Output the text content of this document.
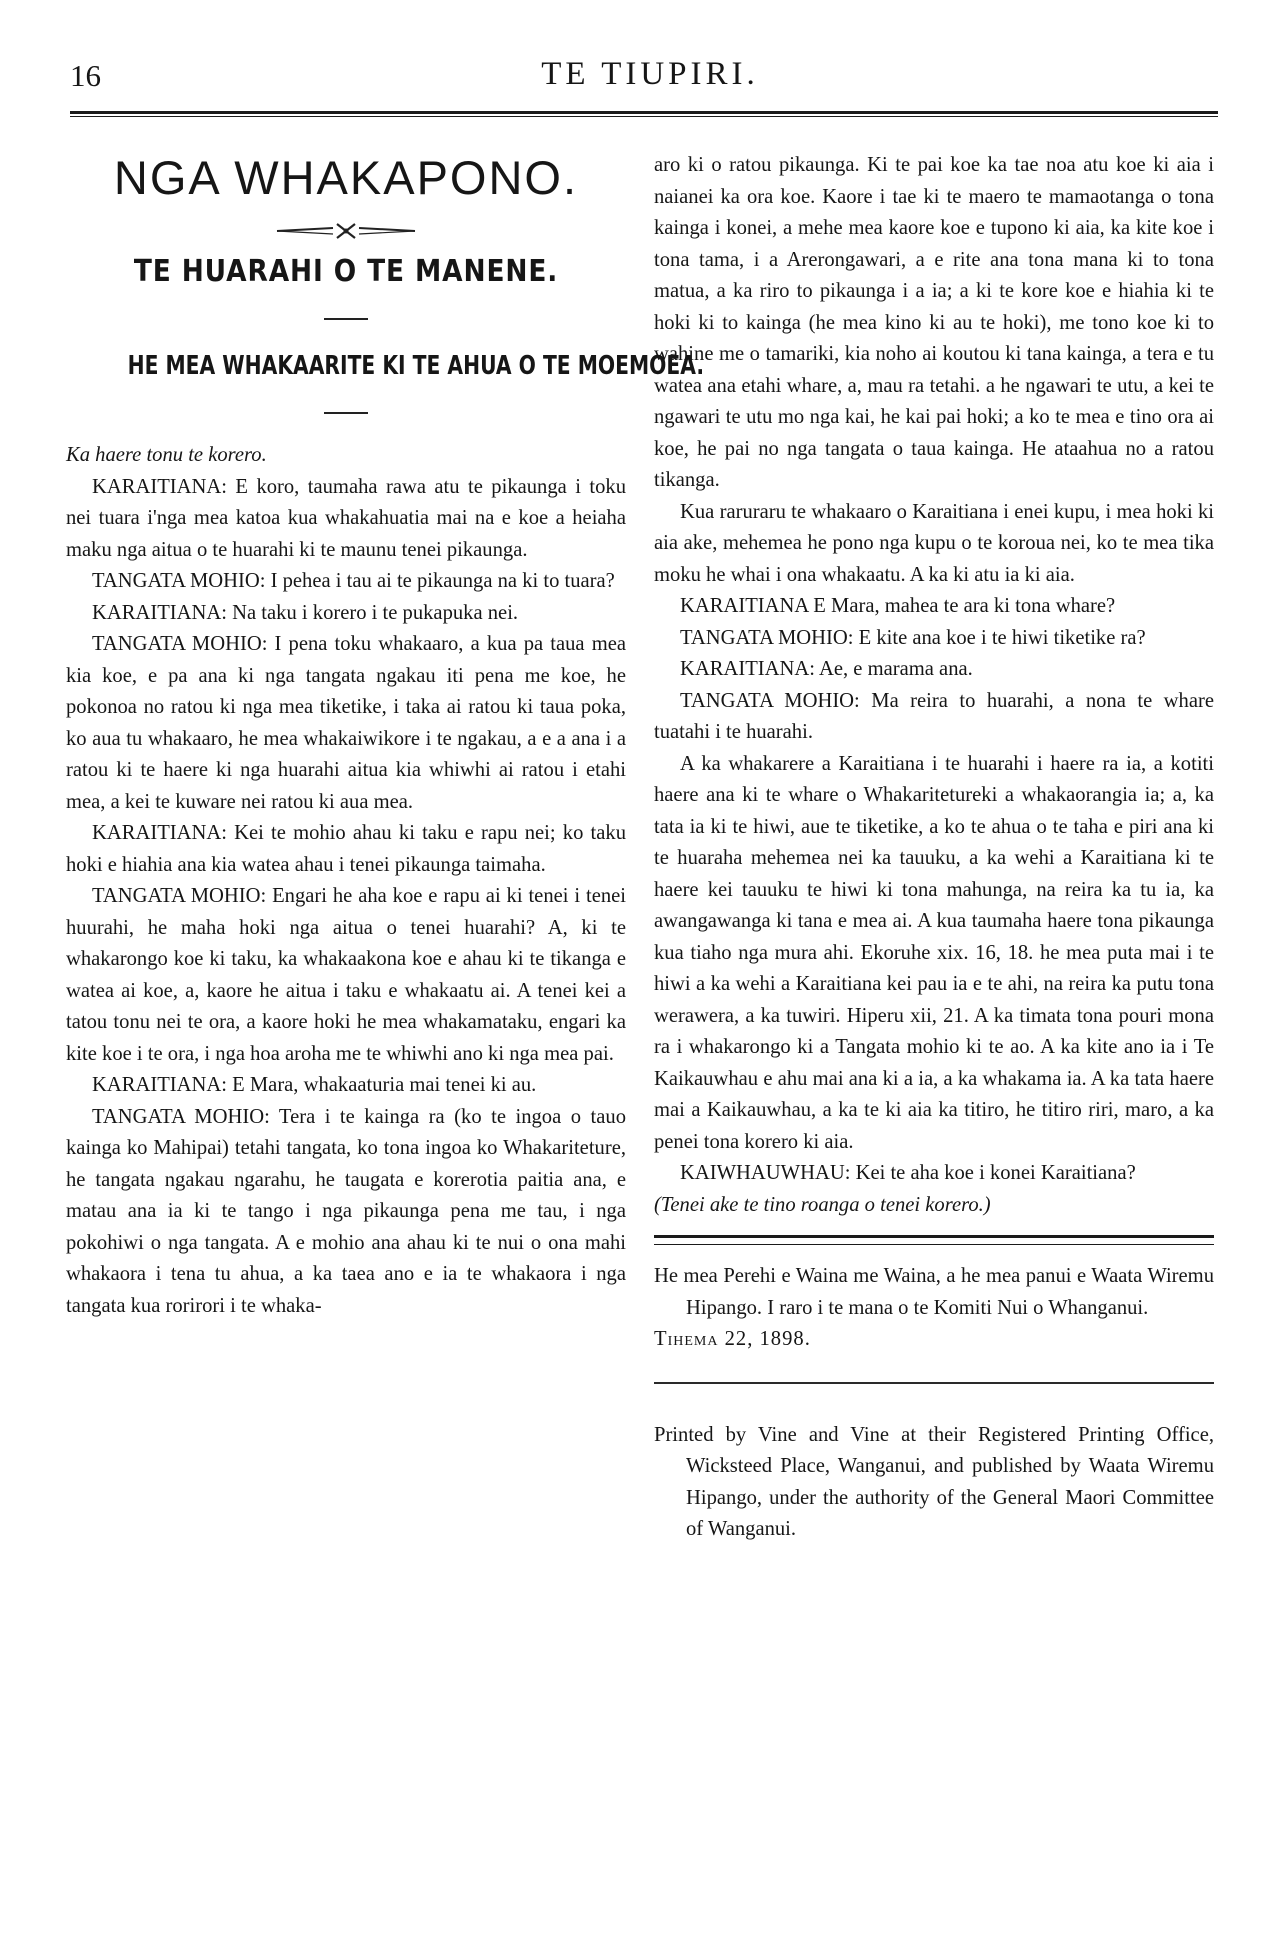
16	TE TIUPIRI.
NGA WHAKAPONO.
TE HUARAHI O TE MANENE.
HE MEA WHAKAARITE KI TE AHUA O TE MOEMOEA.

Ka haere tonu te korero.

KARAITIANA: E koro, taumaha rawa atu te pikaunga i toku nei tuara i'nga mea katoa kua whakahuatia mai na e koe a heiaha maku nga aitua o te huarahi ki te maunu tenei pikaunga.

TANGATA MOHIO: I pehea i tau ai te pikaunga na ki to tuara?

KARAITIANA: Na taku i korero i te pukapuka nei.

TANGATA MOHIO: I pena toku whakaaro, a kua pa taua mea kia koe, e pa ana ki nga tangata ngakau iti pena me koe, he pokonoa no ratou ki nga mea tiketike, i taka ai ratou ki taua poka, ko aua tu whakaaro, he mea whakaiwikore i te ngakau, a e a ana i a ratou ki te haere ki nga huarahi aitua kia whiwhi ai ratou i etahi mea, a kei te kuware nei ratou ki aua mea.

KARAITIANA: Kei te mohio ahau ki taku e rapu nei; ko taku hoki e hiahia ana kia watea ahau i tenei pikaunga taimaha.

TANGATA MOHIO: Engari he aha koe e rapu ai ki tenei i tenei huurahi, he maha hoki nga aitua o tenei huarahi? A, ki te whakarongo koe ki taku, ka whakaakona koe e ahau ki te tikanga e watea ai koe, a, kaore he aitua i taku e whakaatu ai. A tenei kei a tatou tonu nei te ora, a kaore hoki he mea whakamataku, engari ka kite koe i te ora, i nga hoa aroha me te whiwhi ano ki nga mea pai.

KARAITIANA: E Mara, whakaaturia mai tenei ki au.

TANGATA MOHIO: Tera i te kainga ra (ko te ingoa o tauo kainga ko Mahipai) tetahi tangata, ko tona ingoa ko Whakariteture, he tangata ngakau ngarahu, he taugata e korerotia paitia ana, e matau ana ia ki te tango i nga pikaunga pena me tau, i nga pokohiwi o nga tangata. A e mohio ana ahau ki te nui o ona mahi whakaora i tena tu ahua, a ka taea ano e ia te whakaora i nga tangata kua rorirori i te whaka-

aro ki o ratou pikaunga. Ki te pai koe ka tae noa atu koe ki aia i naianei ka ora koe. Kaore i tae ki te maero te mamaotanga o tona kainga i konei, a mehe mea kaore koe e tupono ki aia, ka kite koe i tona tama, i a Arerongawari, a e rite ana tona mana ki to tona matua, a ka riro to pikaunga i a ia; a ki te kore koe e hiahia ki te hoki ki to kainga (he mea kino ki au te hoki), me tono koe ki to wahine me o tamariki, kia noho ai koutou ki tana kainga, a tera e tu watea ana etahi whare, a, mau ra tetahi. a he ngawari te utu, a kei te ngawari te utu mo nga kai, he kai pai hoki; a ko te mea e tino ora ai koe, he pai no nga tangata o taua kainga. He ataahua no a ratou tikanga.

Kua raruraru te whakaaro o Karaitiana i enei kupu, i mea hoki ki aia ake, mehemea he pono nga kupu o te koroua nei, ko te mea tika moku he whai i ona whakaatu. A ka ki atu ia ki aia.

KARAITIANA E Mara, mahea te ara ki tona whare?

TANGATA MOHIO: E kite ana koe i te hiwi tiketike ra?

KARAITIANA: Ae, e marama ana.

TANGATA MOHIO: Ma reira to huarahi, a nona te whare tuatahi i te huarahi.

A ka whakarere a Karaitiana i te huarahi i haere ra ia, a kotiti haere ana ki te whare o Whakaritetureki a whakaorangia ia; a, ka tata ia ki te hiwi, aue te tiketike, a ko te ahua o te taha e piri ana ki te huaraha mehemea nei ka tauuku, a ka wehi a Karaitiana ki te haere kei tauuku te hiwi ki tona mahunga, na reira ka tu ia, ka awangawanga ki tana e mea ai. A kua taumaha haere tona pikaunga kua tiaho nga mura ahi. Ekoruhe xix. 16, 18. he mea puta mai i te hiwi a ka wehi a Karaitiana kei pau ia e te ahi, na reira ka putu tona werawera, a ka tuwiri. Hiperu xii, 21. A ka timata tona pouri mona ra i whakarongo ki a Tangata mohio ki te ao. A ka kite ano ia i Te Kaikauwhau e ahu mai ana ki a ia, a ka whakama ia. A ka tata haere mai a Kaikauwhau, a ka te ki aia ka titiro, he titiro riri, maro, a ka penei tona korero ki aia.

KAIWHAUWHAU: Kei te aha koe i konei Karaitiana?

(Tenei ake te tino roanga o tenei korero.)

He mea Perehi e Waina me Waina, a he mea panui e Waata Wiremu Hipango. I raro i te mana o te Komiti Nui o Whanganui.

Tihema 22, 1898.

Printed by Vine and Vine at their Registered Printing Office, Wicksteed Place, Wanganui, and published by Waata Wiremu Hipango, under the authority of the General Maori Committee of Wanganui.
